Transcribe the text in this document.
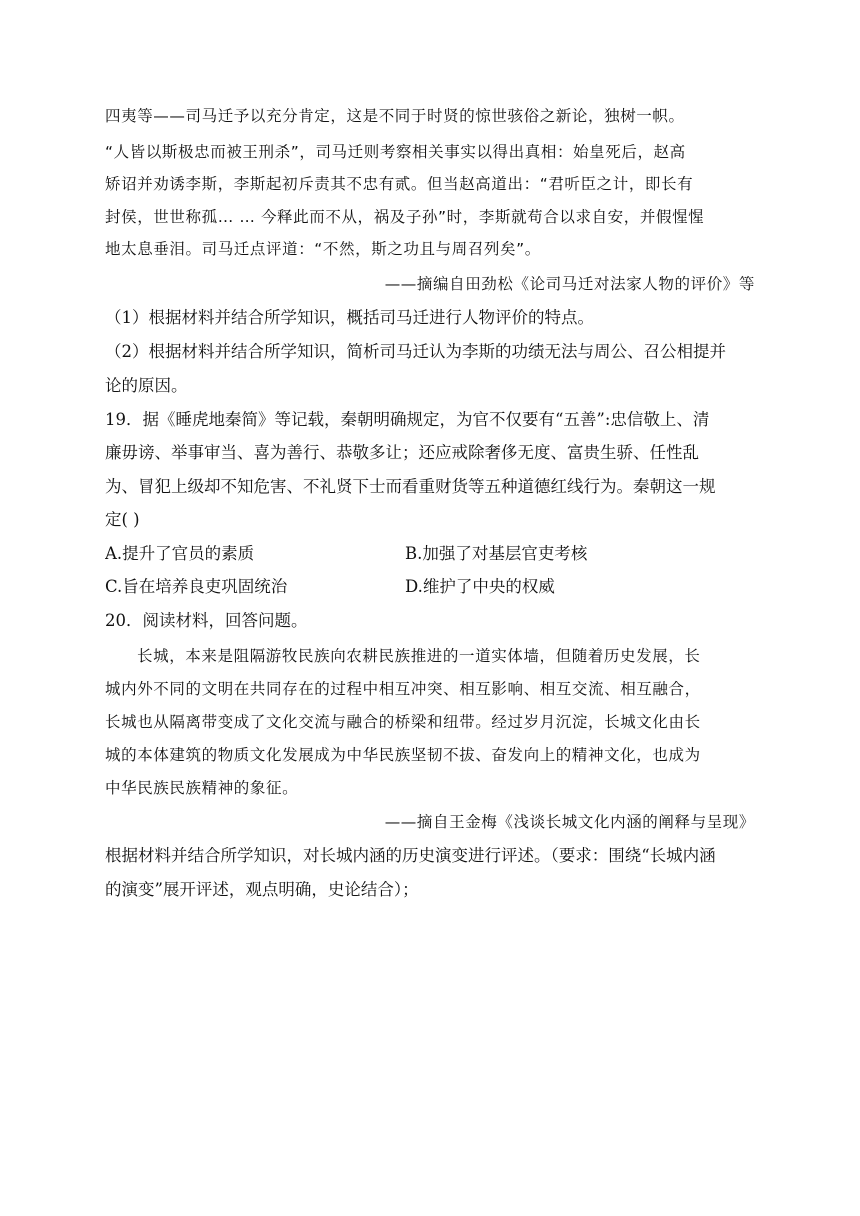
四夷等——司马迁予以充分肯定，这是不同于时贤的惊世骇俗之新论，独树一帜。
“人皆以斯极忠而被王刑杀”，司马迁则考察相关事实以得出真相：始皇死后，赵高
矫诏并劝诱李斯，李斯起初斥责其不忠有贰。但当赵高道出：“君听臣之计，即长有
封侯，世世称孤… … 今释此而不从，祸及子孙”时，李斯就苟合以求自安，并假惺惺
地太息垂泪。司马迁点评道：“不然，斯之功且与周召列矣”。
——摘编自田劲松《论司马迁对法家人物的评价》等
（1）根据材料并结合所学知识，概括司马迁进行人物评价的特点。
（2）根据材料并结合所学知识，简析司马迁认为李斯的功绩无法与周公、召公相提并
论的原因。
19．据《睡虎地秦简》等记载，秦朝明确规定，为官不仅要有“五善”:忠信敬上、清
廉毋谤、举事审当、喜为善行、恭敬多让；还应戒除奢侈无度、富贵生骄、任性乱
为、冒犯上级却不知危害、不礼贤下士而看重财货等五种道德红线行为。秦朝这一规
定( )
A.提升了官员的素质	B.加强了对基层官吏考核
C.旨在培养良吏巩固统治	D.维护了中央的权威
20．阅读材料，回答问题。
长城，本来是阻隔游牧民族向农耕民族推进的一道实体墙，但随着历史发展，长
城内外不同的文明在共同存在的过程中相互冲突、相互影响、相互交流、相互融合，
长城也从隔离带变成了文化交流与融合的桥梁和纽带。经过岁月沉淀，长城文化由长
城的本体建筑的物质文化发展成为中华民族坚韧不拔、奋发向上的精神文化，也成为
中华民族民族精神的象征。
——摘自王金梅《浅谈长城文化内涵的阐释与呈现》
根据材料并结合所学知识，对长城内涵的历史演变进行评述。（要求：围绕“长城内涵
的演变”展开评述，观点明确，史论结合）；
